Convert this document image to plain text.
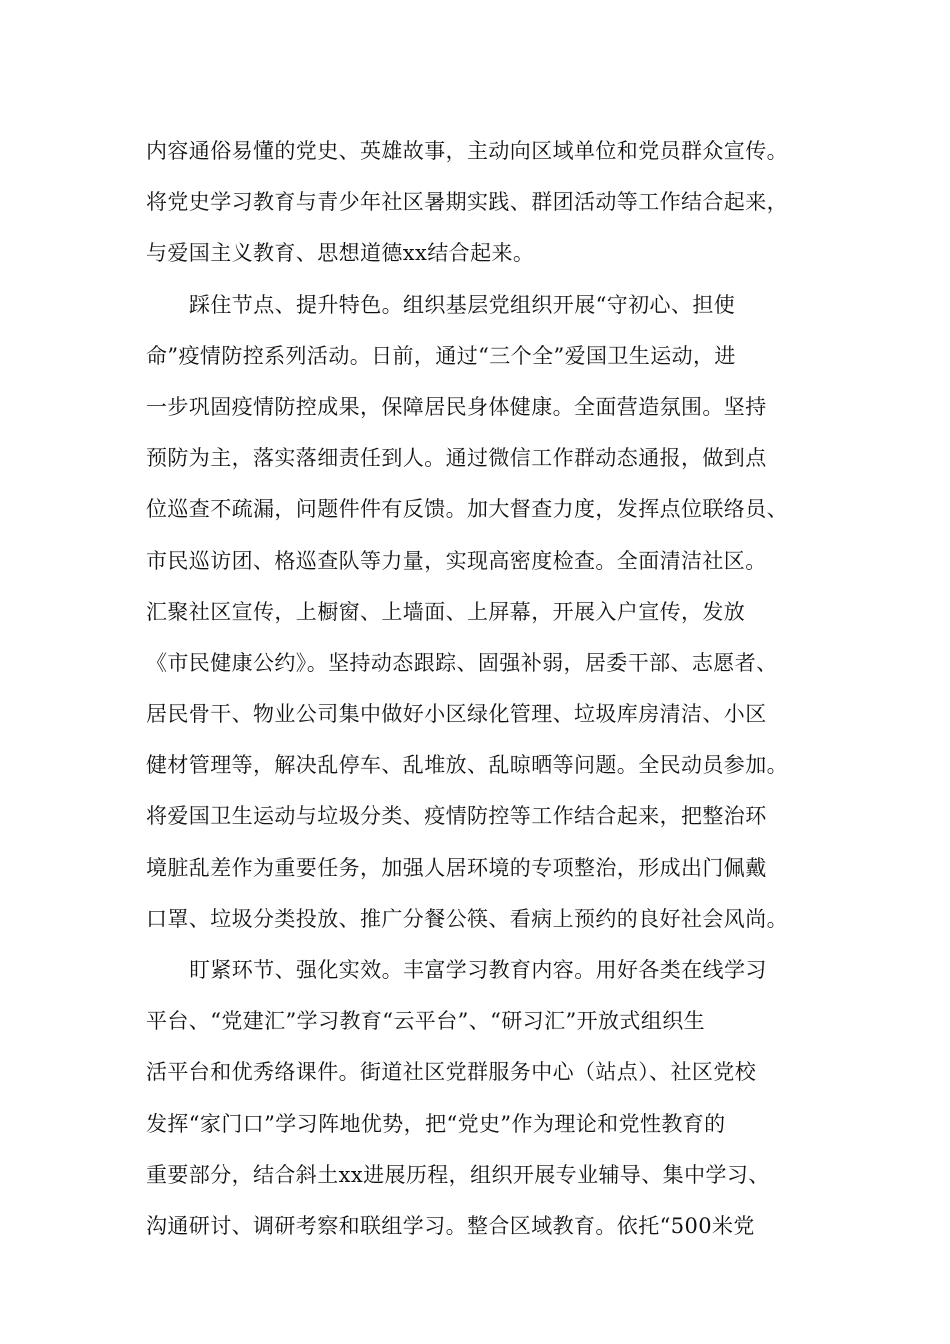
内容通俗易懂的党史、英雄故事，主动向区域单位和党员群众宣传。
将党史学习教育与青少年社区暑期实践、群团活动等工作结合起来，
与爱国主义教育、思想道德xx结合起来。
踩住节点、提升特色。组织基层党组织开展“守初心、担使
命”疫情防控系列活动。日前，通过“三个全”爱国卫生运动，进
一步巩固疫情防控成果，保障居民身体健康。全面营造氛围。坚持
预防为主，落实落细责任到人。通过微信工作群动态通报，做到点
位巡查不疏漏，问题件件有反馈。加大督查力度，发挥点位联络员、
市民巡访团、格巡查队等力量，实现高密度检查。全面清洁社区。
汇聚社区宣传，上橱窗、上墙面、上屏幕，开展入户宣传，发放
《市民健康公约》。坚持动态跟踪、固强补弱，居委干部、志愿者、
居民骨干、物业公司集中做好小区绿化管理、垃圾库房清洁、小区
健材管理等，解决乱停车、乱堆放、乱晾晒等问题。全民动员参加。
将爱国卫生运动与垃圾分类、疫情防控等工作结合起来，把整治环
境脏乱差作为重要任务，加强人居环境的专项整治，形成出门佩戴
口罩、垃圾分类投放、推广分餐公筷、看病上预约的良好社会风尚。
盯紧环节、强化实效。丰富学习教育内容。用好各类在线学习
平台、“党建汇”学习教育“云平台”、“研习汇”开放式组织生
活平台和优秀络课件。街道社区党群服务中心（站点）、社区党校
发挥“家门口”学习阵地优势，把“党史”作为理论和党性教育的
重要部分，结合斜土xx进展历程，组织开展专业辅导、集中学习、
沟通研讨、调研考察和联组学习。整合区域教育。依托“500米党
